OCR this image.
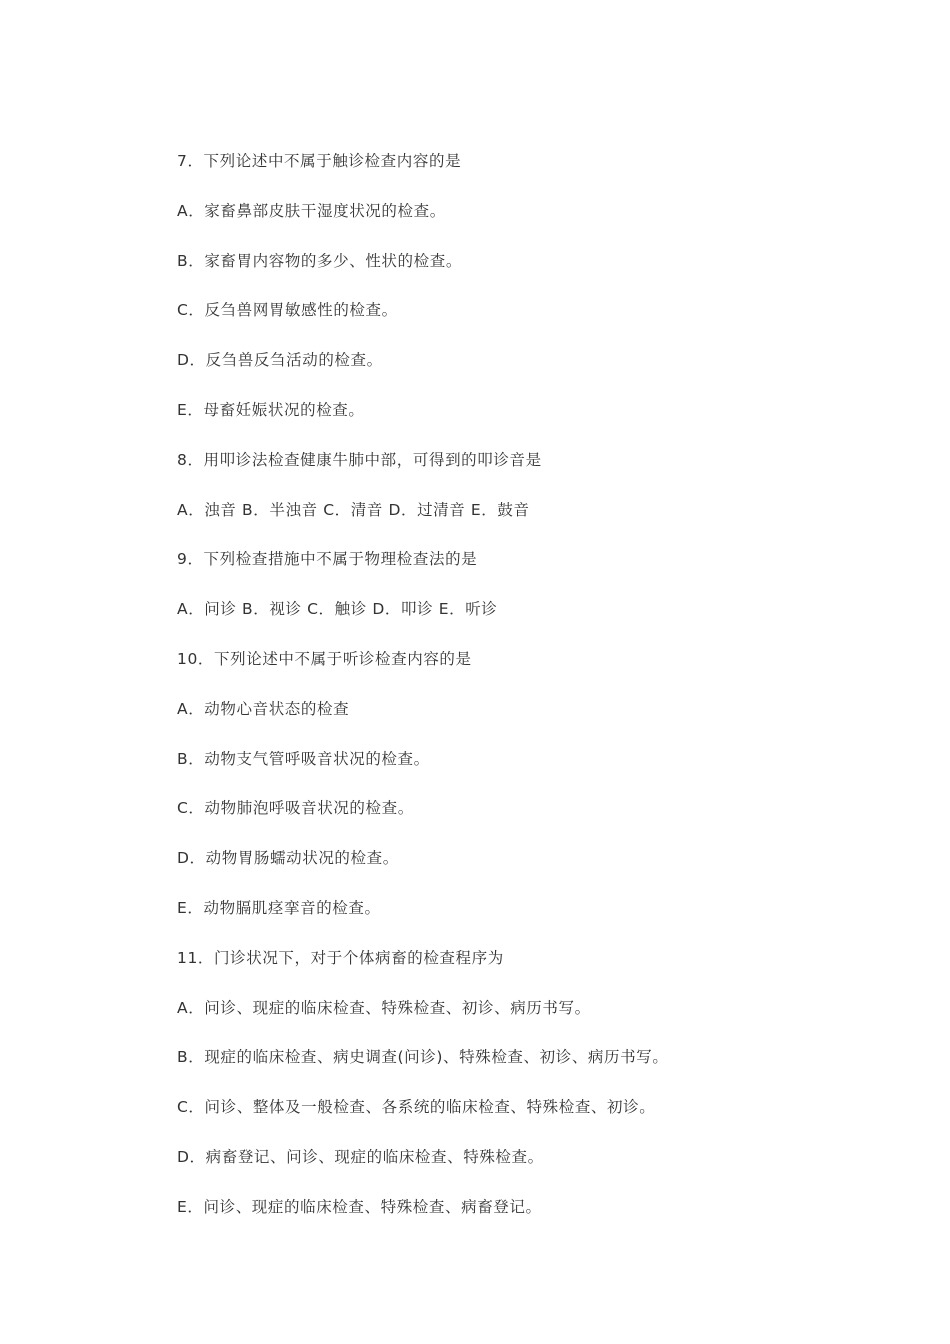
7．下列论述中不属于触诊检查内容的是
A．家畜鼻部皮肤干湿度状况的检查。
B．家畜胃内容物的多少、性状的检查。
C．反刍兽网胃敏感性的检查。
D．反刍兽反刍活动的检查。
E．母畜妊娠状况的检查。
8．用叩诊法检查健康牛肺中部，可得到的叩诊音是
A．浊音 B．半浊音 C．清音 D．过清音 E．鼓音
9．下列检查措施中不属于物理检查法的是
A．问诊 B．视诊 C．触诊 D．叩诊 E．听诊
10．下列论述中不属于听诊检查内容的是
A．动物心音状态的检查
B．动物支气管呼吸音状况的检查。
C．动物肺泡呼吸音状况的检查。
D．动物胃肠蠕动状况的检查。
E．动物膈肌痉挛音的检查。
11．门诊状况下，对于个体病畜的检查程序为
A．问诊、现症的临床检查、特殊检查、初诊、病历书写。
B．现症的临床检查、病史调查(问诊)、特殊检查、初诊、病历书写。
C．问诊、整体及一般检查、各系统的临床检查、特殊检查、初诊。
D．病畜登记、问诊、现症的临床检查、特殊检查。
E．问诊、现症的临床检查、特殊检查、病畜登记。
